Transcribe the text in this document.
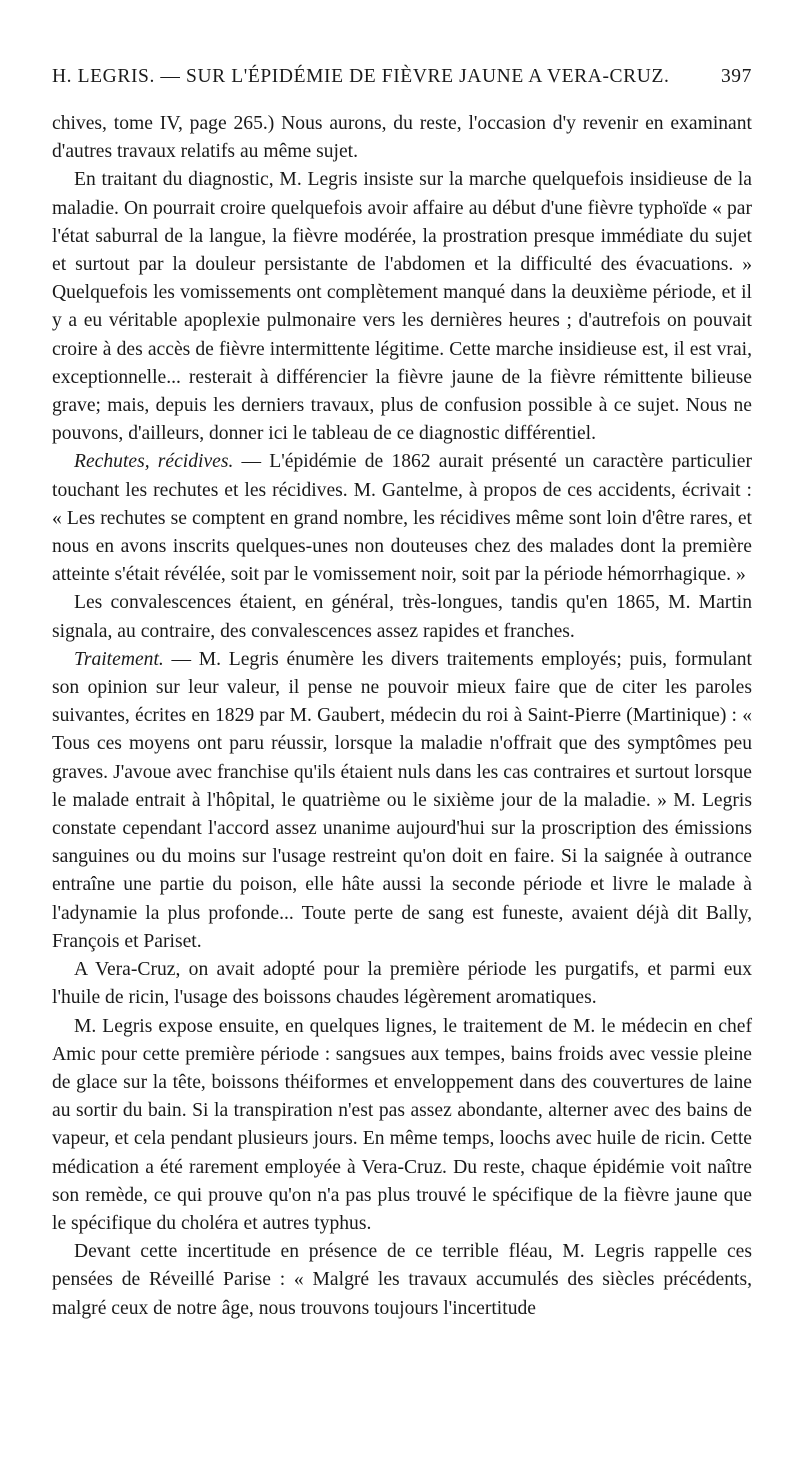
H. LEGRIS. — SUR L'ÉPIDÉMIE DE FIÈVRE JAUNE A VERA-CRUZ.	397

chives, tome IV, page 265.) Nous aurons, du reste, l'occasion d'y revenir en examinant d'autres travaux relatifs au même sujet.

En traitant du diagnostic, M. Legris insiste sur la marche quelquefois insidieuse de la maladie. On pourrait croire quelquefois avoir affaire au début d'une fièvre typhoïde « par l'état saburral de la langue, la fièvre modérée, la prostration presque immédiate du sujet et surtout par la douleur persistante de l'abdomen et la difficulté des évacuations. » Quelquefois les vomissements ont complètement manqué dans la deuxième période, et il y a eu véritable apoplexie pulmonaire vers les dernières heures ; d'autrefois on pouvait croire à des accès de fièvre intermittente légitime. Cette marche insidieuse est, il est vrai, exceptionnelle... resterait à différencier la fièvre jaune de la fièvre rémittente bilieuse grave; mais, depuis les derniers travaux, plus de confusion possible à ce sujet. Nous ne pouvons, d'ailleurs, donner ici le tableau de ce diagnostic différentiel.

Rechutes, récidives. — L'épidémie de 1862 aurait présenté un caractère particulier touchant les rechutes et les récidives. M. Gantelme, à propos de ces accidents, écrivait : « Les rechutes se comptent en grand nombre, les récidives même sont loin d'être rares, et nous en avons inscrits quelques-unes non douteuses chez des malades dont la première atteinte s'était révélée, soit par le vomissement noir, soit par la période hémorrhagique. »

Les convalescences étaient, en général, très-longues, tandis qu'en 1865, M. Martin signala, au contraire, des convalescences assez rapides et franches.

Traitement. — M. Legris énumère les divers traitements employés; puis, formulant son opinion sur leur valeur, il pense ne pouvoir mieux faire que de citer les paroles suivantes, écrites en 1829 par M. Gaubert, médecin du roi à Saint-Pierre (Martinique) : « Tous ces moyens ont paru réussir, lorsque la maladie n'offrait que des symptômes peu graves. J'avoue avec franchise qu'ils étaient nuls dans les cas contraires et surtout lorsque le malade entrait à l'hôpital, le quatrième ou le sixième jour de la maladie. » M. Legris constate cependant l'accord assez unanime aujourd'hui sur la proscription des émissions sanguines ou du moins sur l'usage restreint qu'on doit en faire. Si la saignée à outrance entraîne une partie du poison, elle hâte aussi la seconde période et livre le malade à l'adynamie la plus profonde... Toute perte de sang est funeste, avaient déjà dit Bally, François et Pariset.

A Vera-Cruz, on avait adopté pour la première période les purgatifs, et parmi eux l'huile de ricin, l'usage des boissons chaudes légèrement aromatiques.

M. Legris expose ensuite, en quelques lignes, le traitement de M. le médecin en chef Amic pour cette première période : sangsues aux tempes, bains froids avec vessie pleine de glace sur la tête, boissons théiformes et enveloppement dans des couvertures de laine au sortir du bain. Si la transpiration n'est pas assez abondante, alterner avec des bains de vapeur, et cela pendant plusieurs jours. En même temps, loochs avec huile de ricin. Cette médication a été rarement employée à Vera-Cruz. Du reste, chaque épidémie voit naître son remède, ce qui prouve qu'on n'a pas plus trouvé le spécifique de la fièvre jaune que le spécifique du choléra et autres typhus.

Devant cette incertitude en présence de ce terrible fléau, M. Legris rappelle ces pensées de Réveillé Parise : « Malgré les travaux accumulés des siècles précédents, malgré ceux de notre âge, nous trouvons toujours l'incertitude
